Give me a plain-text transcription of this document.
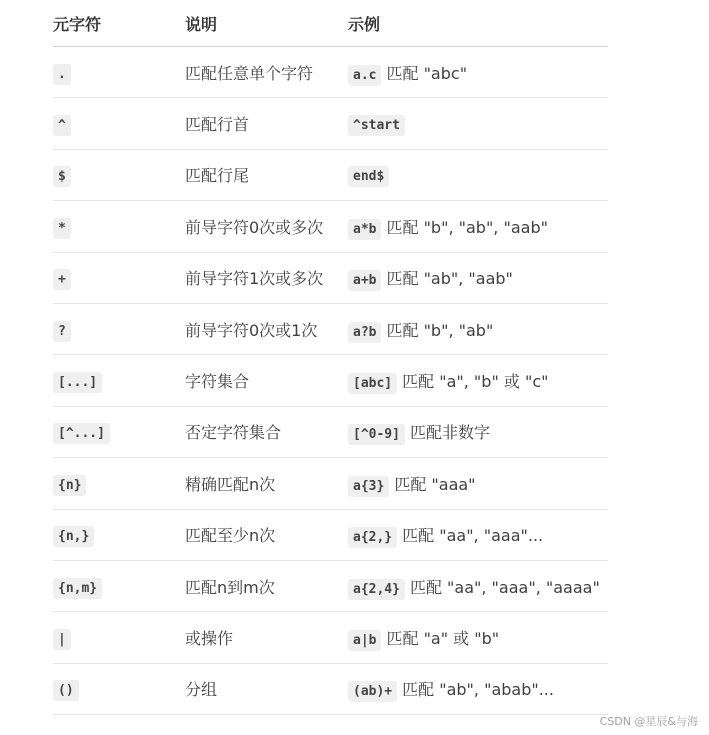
元字符	说明	示例
.	匹配任意单个字符	a.c 匹配 "abc"
^	匹配行首	^start
$	匹配行尾	end$
*	前导字符0次或多次	a*b 匹配 "b", "ab", "aab"
+	前导字符1次或多次	a+b 匹配 "ab", "aab"
?	前导字符0次或1次	a?b 匹配 "b", "ab"
[...]	字符集合	[abc] 匹配 "a", "b" 或 "c"
[^...]	否定字符集合	[^0-9] 匹配非数字
{n}	精确匹配n次	a{3} 匹配 "aaa"
{n,}	匹配至少n次	a{2,} 匹配 "aa", "aaa"...
{n,m}	匹配n到m次	a{2,4} 匹配 "aa", "aaa", "aaaa"
|	或操作	a|b 匹配 "a" 或 "b"
()	分组	(ab)+ 匹配 "ab", "abab"...
CSDN @星辰&与海
